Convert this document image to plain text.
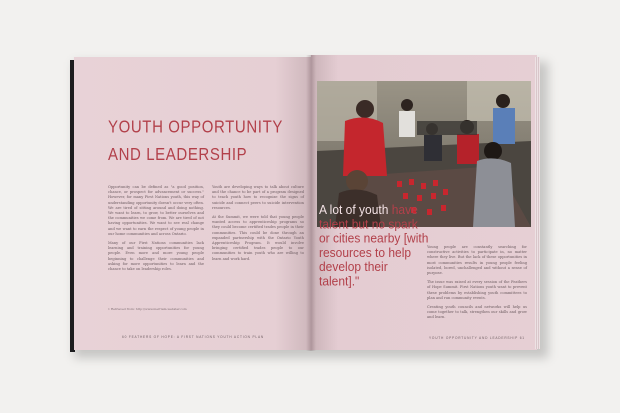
YOUTH OPPORTUNITY
AND LEADERSHIP

Opportunity can be defined as "a good position, chance, or prospect for advancement or success." However, for many First Nations youth, this way of understanding opportunity doesn't occur very often. We are tired of sitting around and doing nothing. We want to learn, to grow, to better ourselves and the communities we come from. We are tired of not having opportunities. We want to see real change and we want to earn the respect of young people in our home communities and across Ontario.

Many of our First Nations communities lack learning and training opportunities for young people. Even more and more young people beginning to challenge their communities and asking for more opportunities to learn and the chance to take on leadership roles.

Youth are developing ways to talk about culture and the chance to be part of a program designed to teach youth how to recognize the signs of suicide and connect peers to suicide intervention resources.

At the Summit, we were told that young people wanted access to apprenticeship programs so they could become certified trades people in their communities. This could be done through an expanded partnership with the Ontario Youth Apprenticeship Program. It would involve bringing certified trades people to our communities to train youth who are willing to learn and work hard.

1 Retrieved from: http://www.merriam-webster.com
60 FEATHERS OF HOPE: A FIRST NATIONS YOUTH ACTION PLAN
A lot of youth have talent but no spark or cities nearby [with resources to help develop their talent]."

Young people are constantly searching for constructive activities to participate in, no matter where they live. But the lack of these opportunities in most communities results in young people feeling isolated, bored, unchallenged and without a sense of purpose.

The issue was raised at every session of the Feathers of Hope Summit. First Nations youth want to prevent these problems by establishing youth committees to plan and run community events.

Creating youth councils and networks will help us come together to talk, strengthen our skills and grow and learn.

YOUTH OPPORTUNITY AND LEADERSHIP 61
